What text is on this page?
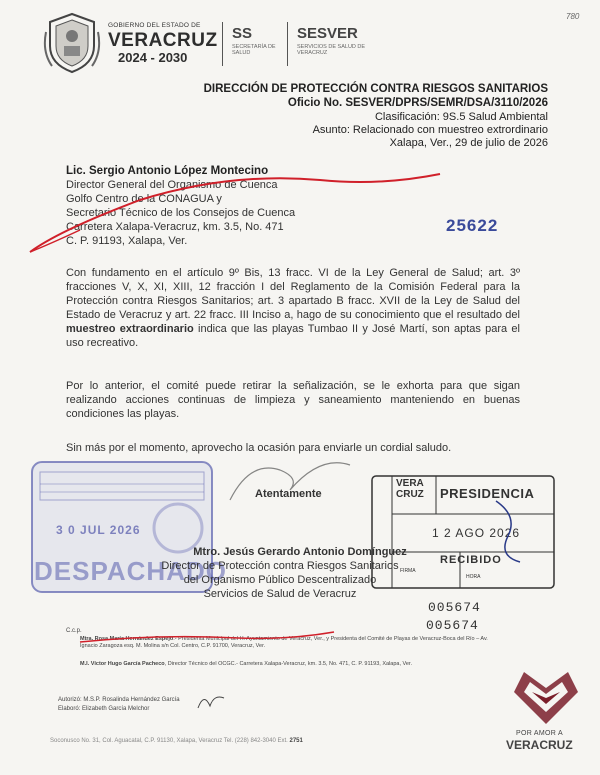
780
GOBIERNO DEL ESTADO DE
VERACRUZ
2024 - 2030
SS
SECRETARÍA DE SALUD
SESVER
SERVICIOS DE SALUD DE VERACRUZ
DIRECCIÓN DE PROTECCIÓN CONTRA RIESGOS SANITARIOS
Oficio No. SESVER/DPRS/SEMR/DSA/3110/2026
Clasificación: 9S.5 Salud Ambiental
Asunto: Relacionado con muestreo extrordinario
Xalapa, Ver., 29 de julio de 2026
Lic. Sergio Antonio López Montecino
Director General del Organismo de Cuenca
Golfo Centro de la CONAGUA y
Secretario Técnico de los Consejos de Cuenca
Carretera Xalapa-Veracruz, km. 3.5, No. 471
C. P. 91193, Xalapa, Ver.
25622
Con fundamento en el artículo 9º Bis, 13 fracc. VI de la Ley General de Salud; art. 3º fracciones V, X, XI, XIII, 12 fracción I del Reglamento de la Comisión Federal para la Protección contra Riesgos Sanitarios; art. 3 apartado B fracc. XVII de la Ley de Salud del Estado de Veracruz y art. 22 fracc. III Inciso a, hago de su conocimiento que el resultado del muestreo extraordinario indica que las playas Tumbao II y José Martí, son aptas para el uso recreativo.
Por lo anterior, el comité puede retirar la señalización, se le exhorta para que sigan realizando acciones continuas de limpieza y saneamiento manteniendo en buenas condiciones las playas.
Sin más por el momento, aprovecho la ocasión para enviarle un cordial saludo.
3 0 JUL 2026
DESPACHADO
Atentamente
Mtro. Jesús Gerardo Antonio Domínguez
Director de Protección contra Riesgos Sanitarios
del Organismo Público Descentralizado
Servicios de Salud de Veracruz
VERA CRUZ	PRESIDENCIA
1 2 AGO 2026
RECIBIDO
FIRMA
HORA
005674
005674
C.c.p.
Mtra. Rosa María Hernández Espejo.- Presidenta Municipal del H. Ayuntamiento de Veracruz, Ver., y Presidenta del Comité de Playas de Veracruz-Boca del Río – Av. Ignacio Zaragoza esq. M. Molina s/n Col. Centro, C.P. 91700, Veracruz, Ver.
M.I. Víctor Hugo García Pacheco, Director Técnico del OCGC.- Carretera Xalapa-Veracruz, km. 3.5, No. 471, C. P. 91193, Xalapa, Ver.
Autorizó: M.S.P. Rosalinda Hernández García
Elaboró: Elizabeth García Melchor
Soconusco No. 31, Col. Aguacatal, C.P. 91130, Xalapa, Veracruz Tel. (228) 842-3040 Ext. 2751
POR AMOR A
VERACRUZ
